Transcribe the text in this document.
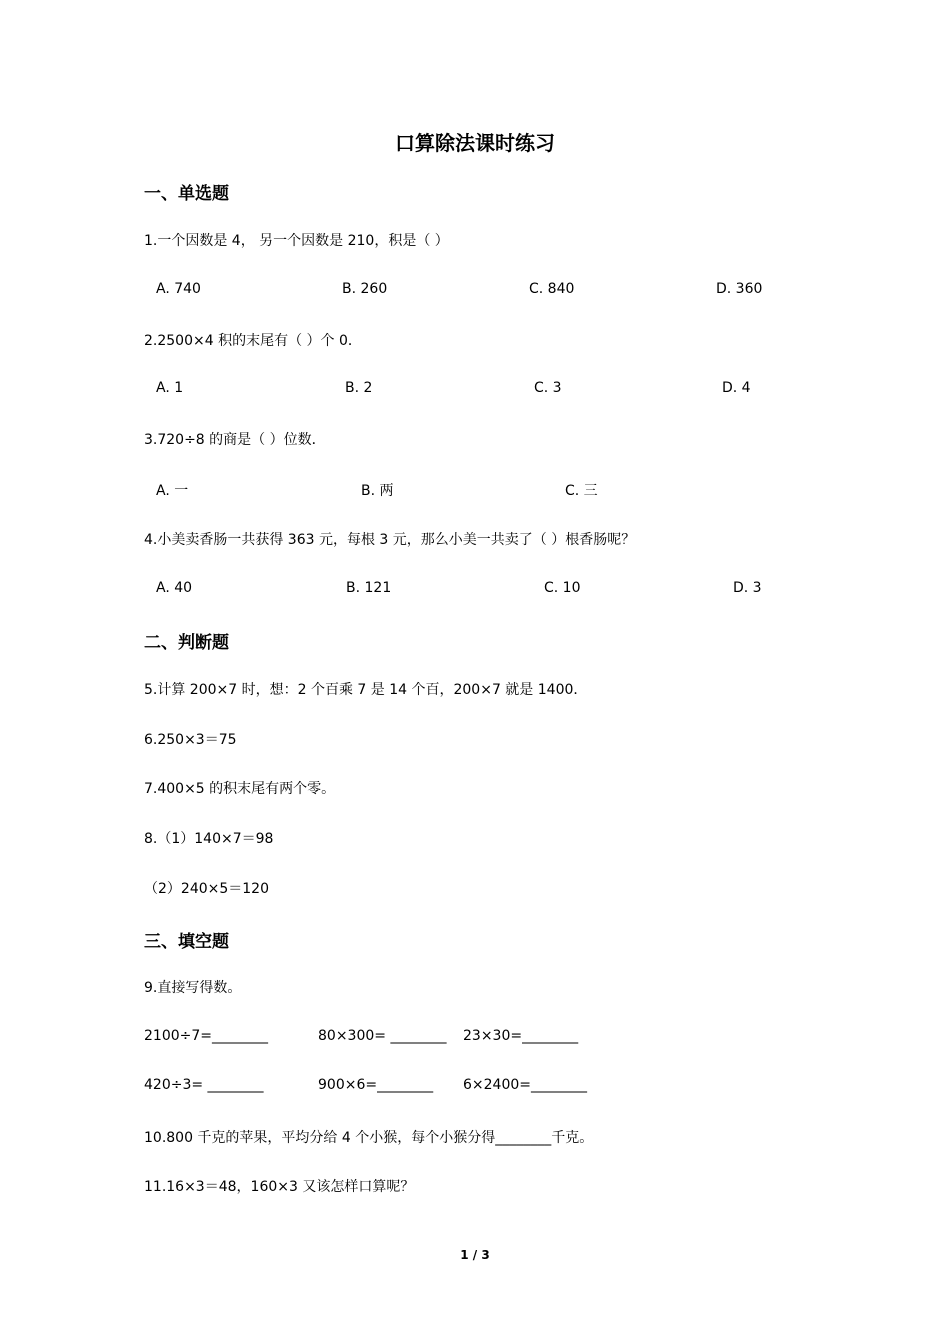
口算除法课时练习
一、单选题
1.一个因数是 4， 另一个因数是 210，积是（ ）
A. 740	B. 260	C. 840	D. 360
2.2500×4 积的末尾有（ ）个 0．
A. 1	B. 2	C. 3	D. 4
3.720÷8 的商是（ ）位数．
A. 一	B. 两	C. 三
4.小美卖香肠一共获得 363 元，每根 3 元，那么小美一共卖了（ ）根香肠呢？
A. 40	B. 121	C. 10	D. 3
二、判断题
5.计算 200×7 时，想：2 个百乘 7 是 14 个百，200×7 就是 1400．
6.250×3＝75
7.400×5 的积末尾有两个零。
8.（1）140×7＝98
（2）240×5＝120
三、填空题
9.直接写得数。
2100÷7=________	80×300= ________ 23×30=________
420÷3= ________	900×6=________ 6×2400=________
10.800 千克的苹果，平均分给 4 个小猴，每个小猴分得________千克。
11.16×3＝48，160×3 又该怎样口算呢？
1 / 3
